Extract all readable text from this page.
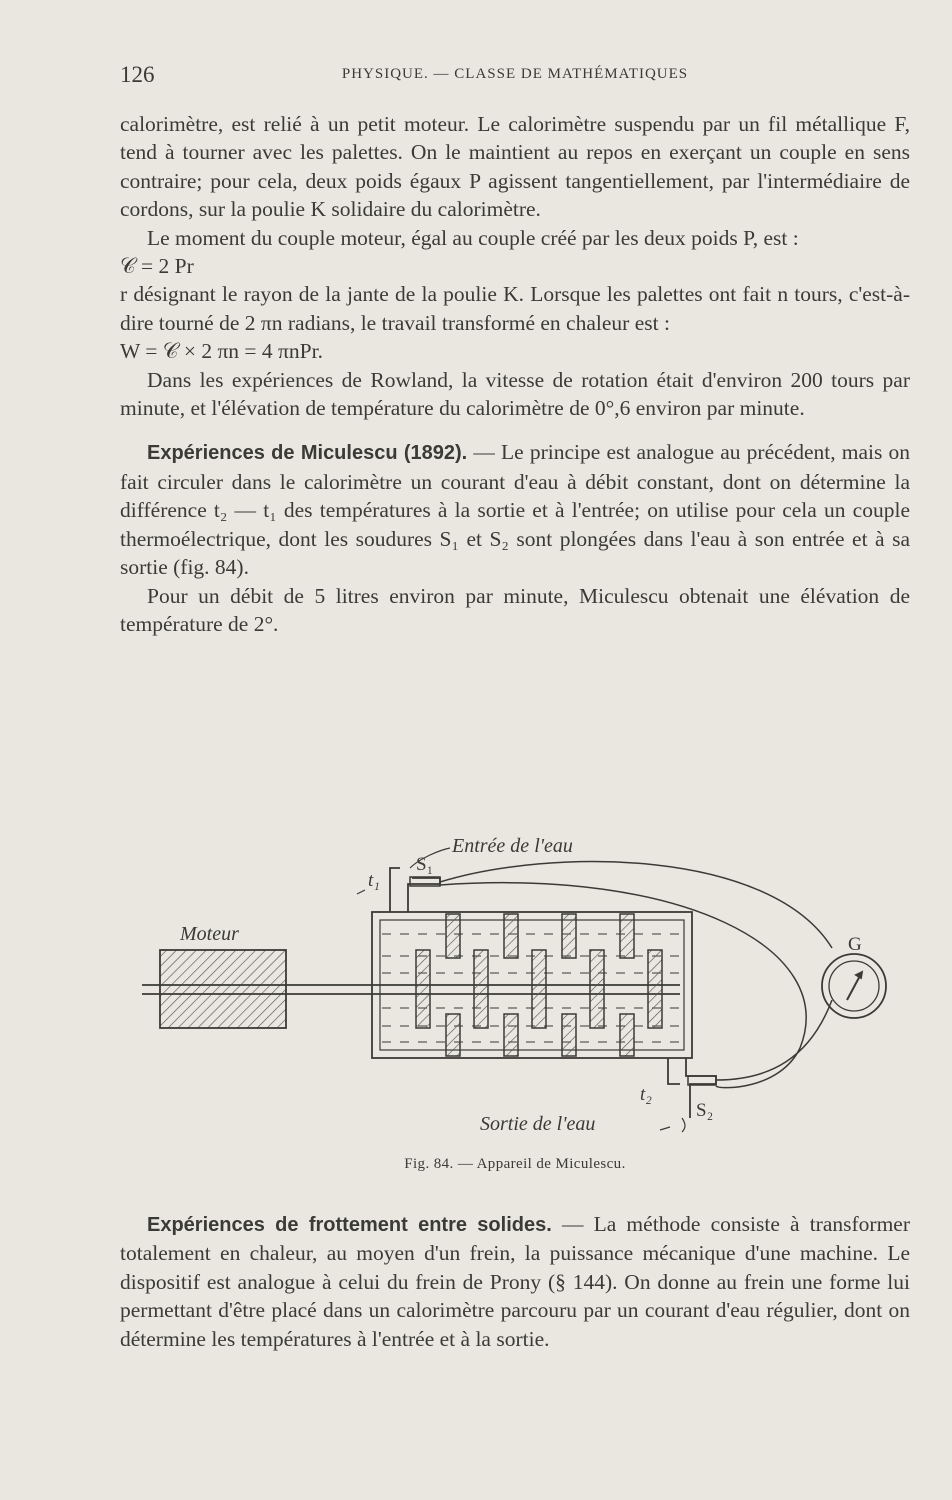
126	PHYSIQUE. — CLASSE DE MATHÉMATIQUES

calorimètre, est relié à un petit moteur. Le calorimètre suspendu par un fil métallique F, tend à tourner avec les palettes. On le maintient au repos en exerçant un couple en sens contraire; pour cela, deux poids égaux P agissent tangentiellement, par l'intermédiaire de cordons, sur la poulie K solidaire du calorimètre.

Le moment du couple moteur, égal au couple créé par les deux poids P, est :

𝒞 = 2 Pr

r désignant le rayon de la jante de la poulie K. Lorsque les palettes ont fait n tours, c'est-à-dire tourné de 2 πn radians, le travail transformé en chaleur est :

W = 𝒞 × 2 πn = 4 πnPr.

Dans les expériences de Rowland, la vitesse de rotation était d'environ 200 tours par minute, et l'élévation de température du calorimètre de 0°,6 environ par minute.

Expériences de Miculescu (1892). — Le principe est analogue au précédent, mais on fait circuler dans le calorimètre un courant d'eau à débit constant, dont on détermine la différence t₂ — t₁ des températures à la sortie et à l'entrée; on utilise pour cela un couple thermoélectrique, dont les soudures S₁ et S₂ sont plongées dans l'eau à son entrée et à sa sortie (fig. 84).

Pour un débit de 5 litres environ par minute, Miculescu obtenait une élévation de température de 2°.

Entrée de l'eau
S₁
t₁
Moteur	G
t₂
S₂
Sortie de l'eau
Fig. 84. — Appareil de Miculescu.

Expériences de frottement entre solides. — La méthode consiste à transformer totalement en chaleur, au moyen d'un frein, la puissance mécanique d'une machine. Le dispositif est analogue à celui du frein de Prony (§ 144). On donne au frein une forme lui permettant d'être placé dans un calorimètre parcouru par un courant d'eau régulier, dont on détermine les températures à l'entrée et à la sortie.
